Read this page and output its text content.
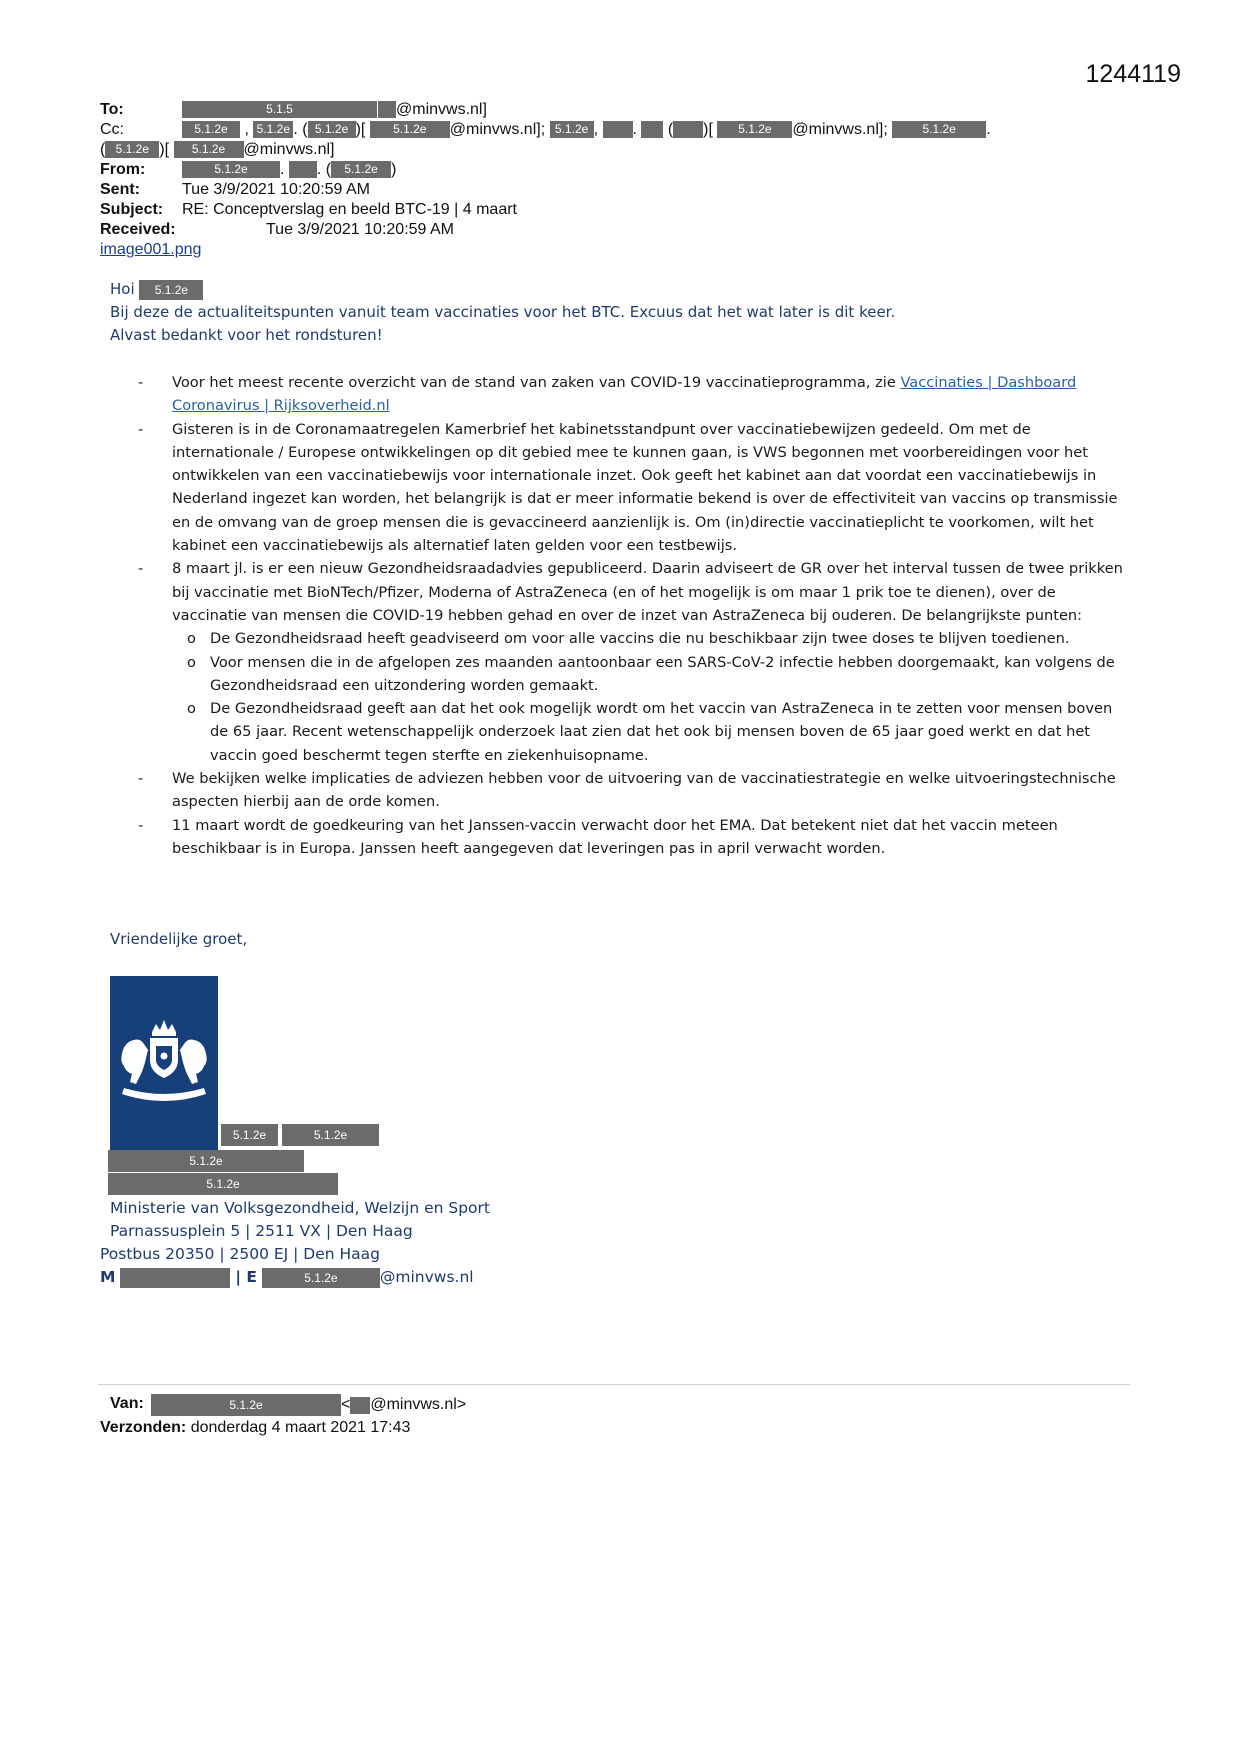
1244119
To:	5.1.5	@minvws.nl]
Cc:	5.1.2e , 5.1.2e . ( 5.1.2e )[ 5.1.2e @minvws.nl]; 5.1.2e , .  ( )[ 5.1.2e @minvws.nl];	5.1.2e .
( 5.1.2e )[ 5.1.2e @minvws.nl]
From:	5.1.2e . . ( 5.1.2e )
Sent:	Tue 3/9/2021 10:20:59 AM
Subject: RE: Conceptverslag en beeld BTC-19 | 4 maart
Received:	Tue 3/9/2021 10:20:59 AM
image001.png
Hoi 5.1.2e
Bij deze de actualiteitspunten vanuit team vaccinaties voor het BTC. Excuus dat het wat later is dit keer.
Alvast bedankt voor het rondsturen!
- Voor het meest recente overzicht van de stand van zaken van COVID-19 vaccinatieprogramma, zie Vaccinaties | Dashboard Coronavirus | Rijksoverheid.nl
- Gisteren is in de Coronamaatregelen Kamerbrief het kabinetsstandpunt over vaccinatiebewijzen gedeeld. Om met de internationale / Europese ontwikkelingen op dit gebied mee te kunnen gaan, is VWS begonnen met voorbereidingen voor het ontwikkelen van een vaccinatiebewijs voor internationale inzet. Ook geeft het kabinet aan dat voordat een vaccinatiebewijs in Nederland ingezet kan worden, het belangrijk is dat er meer informatie bekend is over de effectiviteit van vaccins op transmissie en de omvang van de groep mensen die is gevaccineerd aanzienlijk is. Om (in)directie vaccinatieplicht te voorkomen, wilt het kabinet een vaccinatiebewijs als alternatief laten gelden voor een testbewijs.
- 8 maart jl. is er een nieuw Gezondheidsraadadvies gepubliceerd. Daarin adviseert de GR over het interval tussen de twee prikken bij vaccinatie met BioNTech/Pfizer, Moderna of AstraZeneca (en of het mogelijk is om maar 1 prik toe te dienen), over de vaccinatie van mensen die COVID-19 hebben gehad en over de inzet van AstraZeneca bij ouderen. De belangrijkste punten:
o De Gezondheidsraad heeft geadviseerd om voor alle vaccins die nu beschikbaar zijn twee doses te blijven toedienen.
o Voor mensen die in de afgelopen zes maanden aantoonbaar een SARS-CoV-2 infectie hebben doorgemaakt, kan volgens de Gezondheidsraad een uitzondering worden gemaakt.
o De Gezondheidsraad geeft aan dat het ook mogelijk wordt om het vaccin van AstraZeneca in te zetten voor mensen boven de 65 jaar. Recent wetenschappelijk onderzoek laat zien dat het ook bij mensen boven de 65 jaar goed werkt en dat het vaccin goed beschermt tegen sterfte en ziekenhuisopname.
- We bekijken welke implicaties de adviezen hebben voor de uitvoering van de vaccinatiestrategie en welke uitvoeringstechnische aspecten hierbij aan de orde komen.
- 11 maart wordt de goedkeuring van het Janssen-vaccin verwacht door het EMA. Dat betekent niet dat het vaccin meteen beschikbaar is in Europa. Janssen heeft aangegeven dat leveringen pas in april verwacht worden.
Vriendelijke groet,
5.1.2e	5.1.2e
5.1.2e
5.1.2e
Ministerie van Volksgezondheid, Welzijn en Sport
Parnassusplein 5 | 2511 VX | Den Haag
Postbus 20350 | 2500 EJ | Den Haag
M	| E	5.1.2e	@minvws.nl
Van:	5.1.2e	< @minvws.nl>
Verzonden: donderdag 4 maart 2021 17:43
